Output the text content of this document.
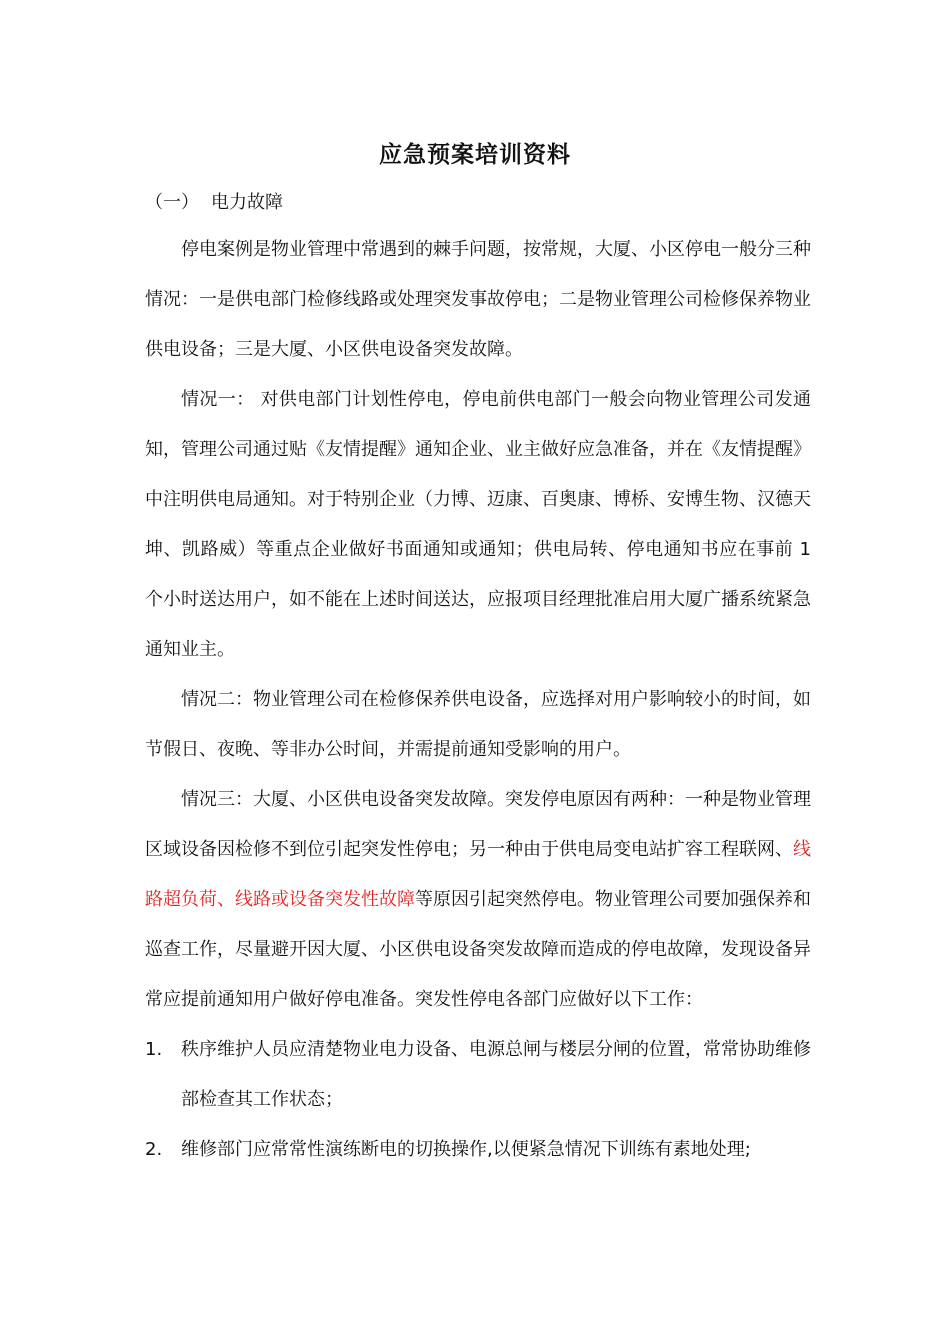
应急预案培训资料
（一） 电力故障

停电案例是物业管理中常遇到的棘手问题，按常规，大厦、小区停电一般分三种情况：一是供电部门检修线路或处理突发事故停电；二是物业管理公司检修保养物业供电设备；三是大厦、小区供电设备突发故障。

情况一： 对供电部门计划性停电，停电前供电部门一般会向物业管理公司发通知，管理公司通过贴《友情提醒》通知企业、业主做好应急准备，并在《友情提醒》中注明供电局通知。对于特别企业（力博、迈康、百奥康、博桥、安博生物、汉德天坤、凯路威）等重点企业做好书面通知或通知；供电局转、停电通知书应在事前 1 个小时送达用户，如不能在上述时间送达，应报项目经理批准启用大厦广播系统紧急通知业主。

情况二：物业管理公司在检修保养供电设备，应选择对用户影响较小的时间，如节假日、夜晚、等非办公时间，并需提前通知受影响的用户。

情况三：大厦、小区供电设备突发故障。突发停电原因有两种：一种是物业管理区域设备因检修不到位引起突发性停电；另一种由于供电局变电站扩容工程联网、线路超负荷、线路或设备突发性故障等原因引起突然停电。物业管理公司要加强保养和巡查工作，尽量避开因大厦、小区供电设备突发故障而造成的停电故障，发现设备异常应提前通知用户做好停电准备。突发性停电各部门应做好以下工作：

1. 秩序维护人员应清楚物业电力设备、电源总闸与楼层分闸的位置，常常协助维修部检查其工作状态；
2. 维修部门应常常性演练断电的切换操作,以便紧急情况下训练有素地处理;
